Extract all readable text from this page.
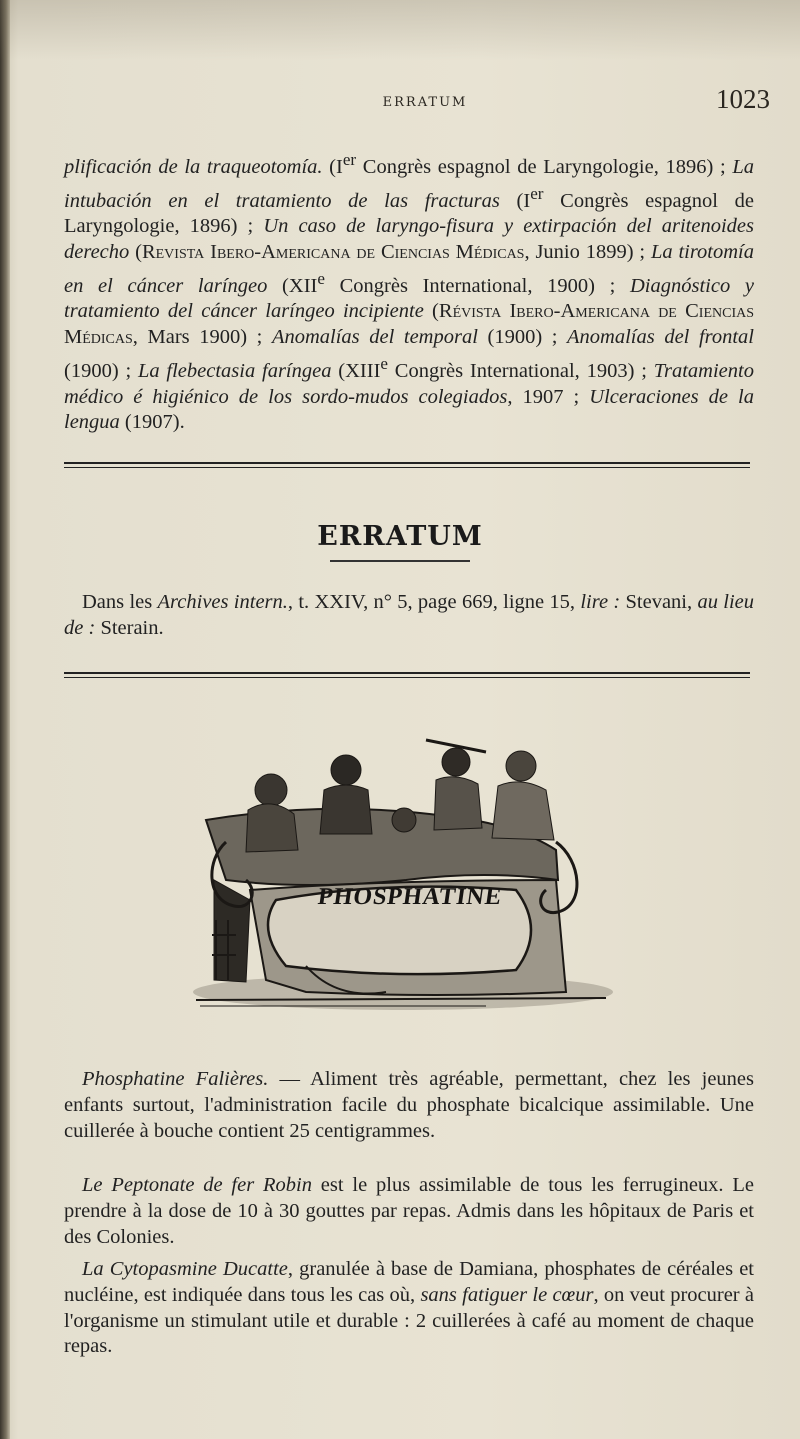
ERRATUM	1023

plificación de la traqueotomía. (Ier Congrès espagnol de Laryngologie, 1896) ; La intubación en el tratamiento de las fracturas (Ier Congrès espagnol de Laryngologie, 1896) ; Un caso de laryngo-fisura y extirpación del aritenoides derecho (Revista Ibero-Americana de Ciencias Médicas, Junio 1899) ; La tirotomía en el cáncer laríngeo (XIIe Congrès International, 1900) ; Diagnóstico y tratamiento del cáncer laríngeo incipiente (Révista Ibero-Americana de Ciencias Médicas, Mars 1900) ; Anomalías del temporal (1900) ; Anomalías del frontal (1900) ; La flebectasia faríngea (XIIIe Congrès International, 1903) ; Tratamiento médico é higiénico de los sordo-mudos colegiados, 1907 ; Ulceraciones de la lengua (1907).

ERRATUM

Dans les Archives intern., t. XXIV, n° 5, page 669, ligne 15, lire : Stevani, au lieu de : Sterain.

PHOSPHATINE

Phosphatine Falières. — Aliment très agréable, permettant, chez les jeunes enfants surtout, l'administration facile du phosphate bicalcique assimilable. Une cuillerée à bouche contient 25 centigrammes.

Le Peptonate de fer Robin est le plus assimilable de tous les ferrugineux. Le prendre à la dose de 10 à 30 gouttes par repas. Admis dans les hôpitaux de Paris et des Colonies.

La Cytopasmine Ducatte, granulée à base de Damiana, phosphates de céréales et nucléine, est indiquée dans tous les cas où, sans fatiguer le cœur, on veut procurer à l'organisme un stimulant utile et durable : 2 cuillerées à café au moment de chaque repas.
